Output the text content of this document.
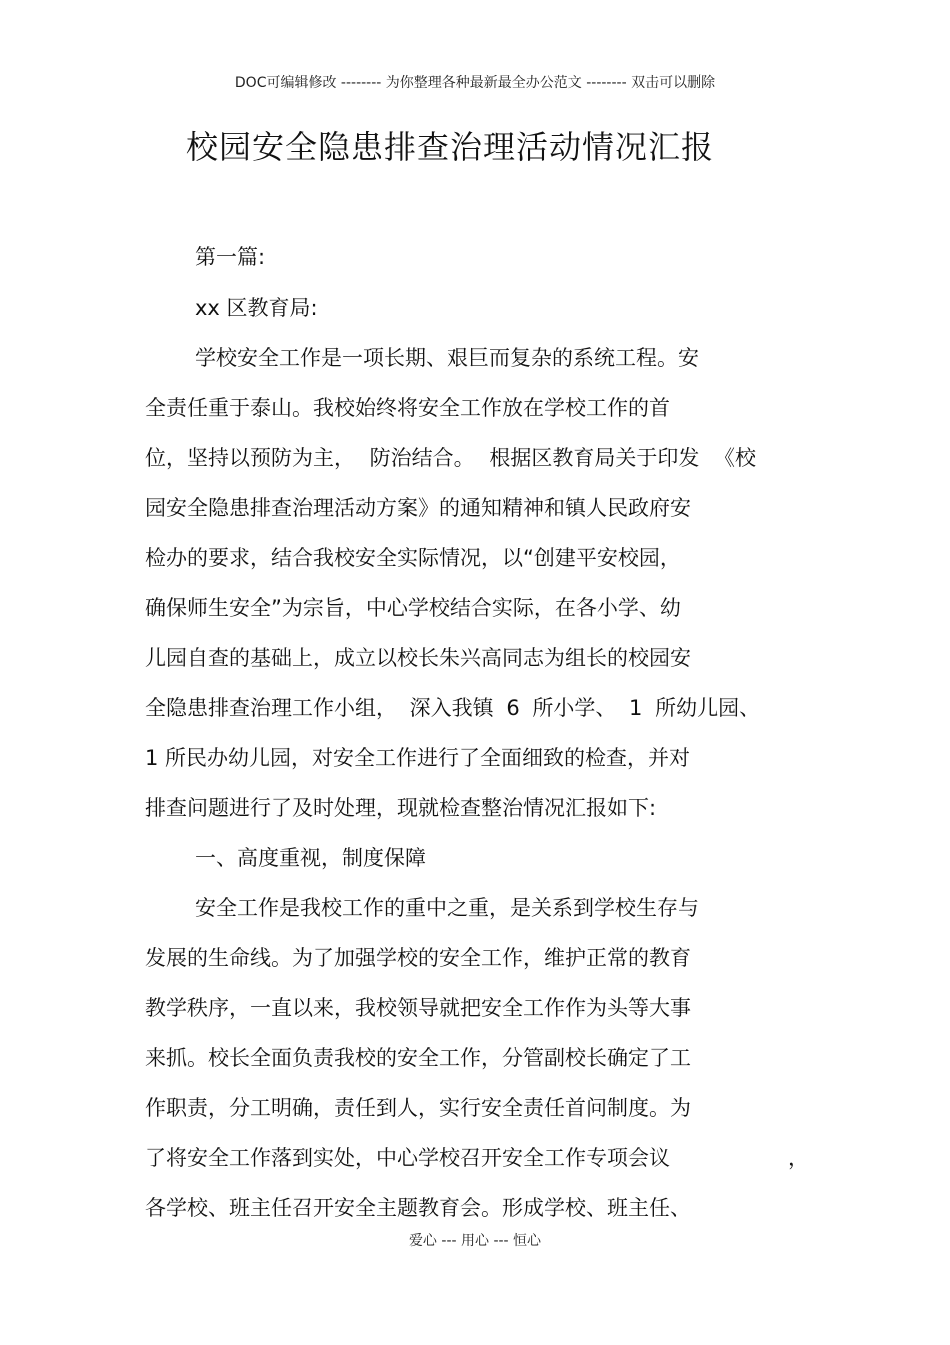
DOC可编辑修改 -------- 为你整理各种最新最全办公范文 -------- 双击可以删除
校园安全隐患排查治理活动情况汇报
第一篇:
xx 区教育局:
学校安全工作是一项长期、艰巨而复杂的系统工程。安
全责任重于泰山。我校始终将安全工作放在学校工作的首
位，坚持以预防为主， 防治结合。 根据区教育局关于印发 《校
园安全隐患排查治理活动方案》的通知精神和镇人民政府安
检办的要求，结合我校安全实际情况，以“创建平安校园，
确保师生安全”为宗旨，中心学校结合实际，在各小学、幼
儿园自查的基础上，成立以校长朱兴高同志为组长的校园安
全隐患排查治理工作小组， 深入我镇 6 所小学、 1 所幼儿园、
1 所民办幼儿园，对安全工作进行了全面细致的检查，并对
排查问题进行了及时处理，现就检查整治情况汇报如下:
一、高度重视，制度保障
安全工作是我校工作的重中之重，是关系到学校生存与
发展的生命线。为了加强学校的安全工作，维护正常的教育
教学秩序，一直以来，我校领导就把安全工作作为头等大事
来抓。校长全面负责我校的安全工作，分管副校长确定了工
作职责，分工明确，责任到人，实行安全责任首问制度。为
了将安全工作落到实处，中心学校召开安全工作专项会议	，
各学校、班主任召开安全主题教育会。形成学校、班主任、
爱心 --- 用心 --- 恒心
